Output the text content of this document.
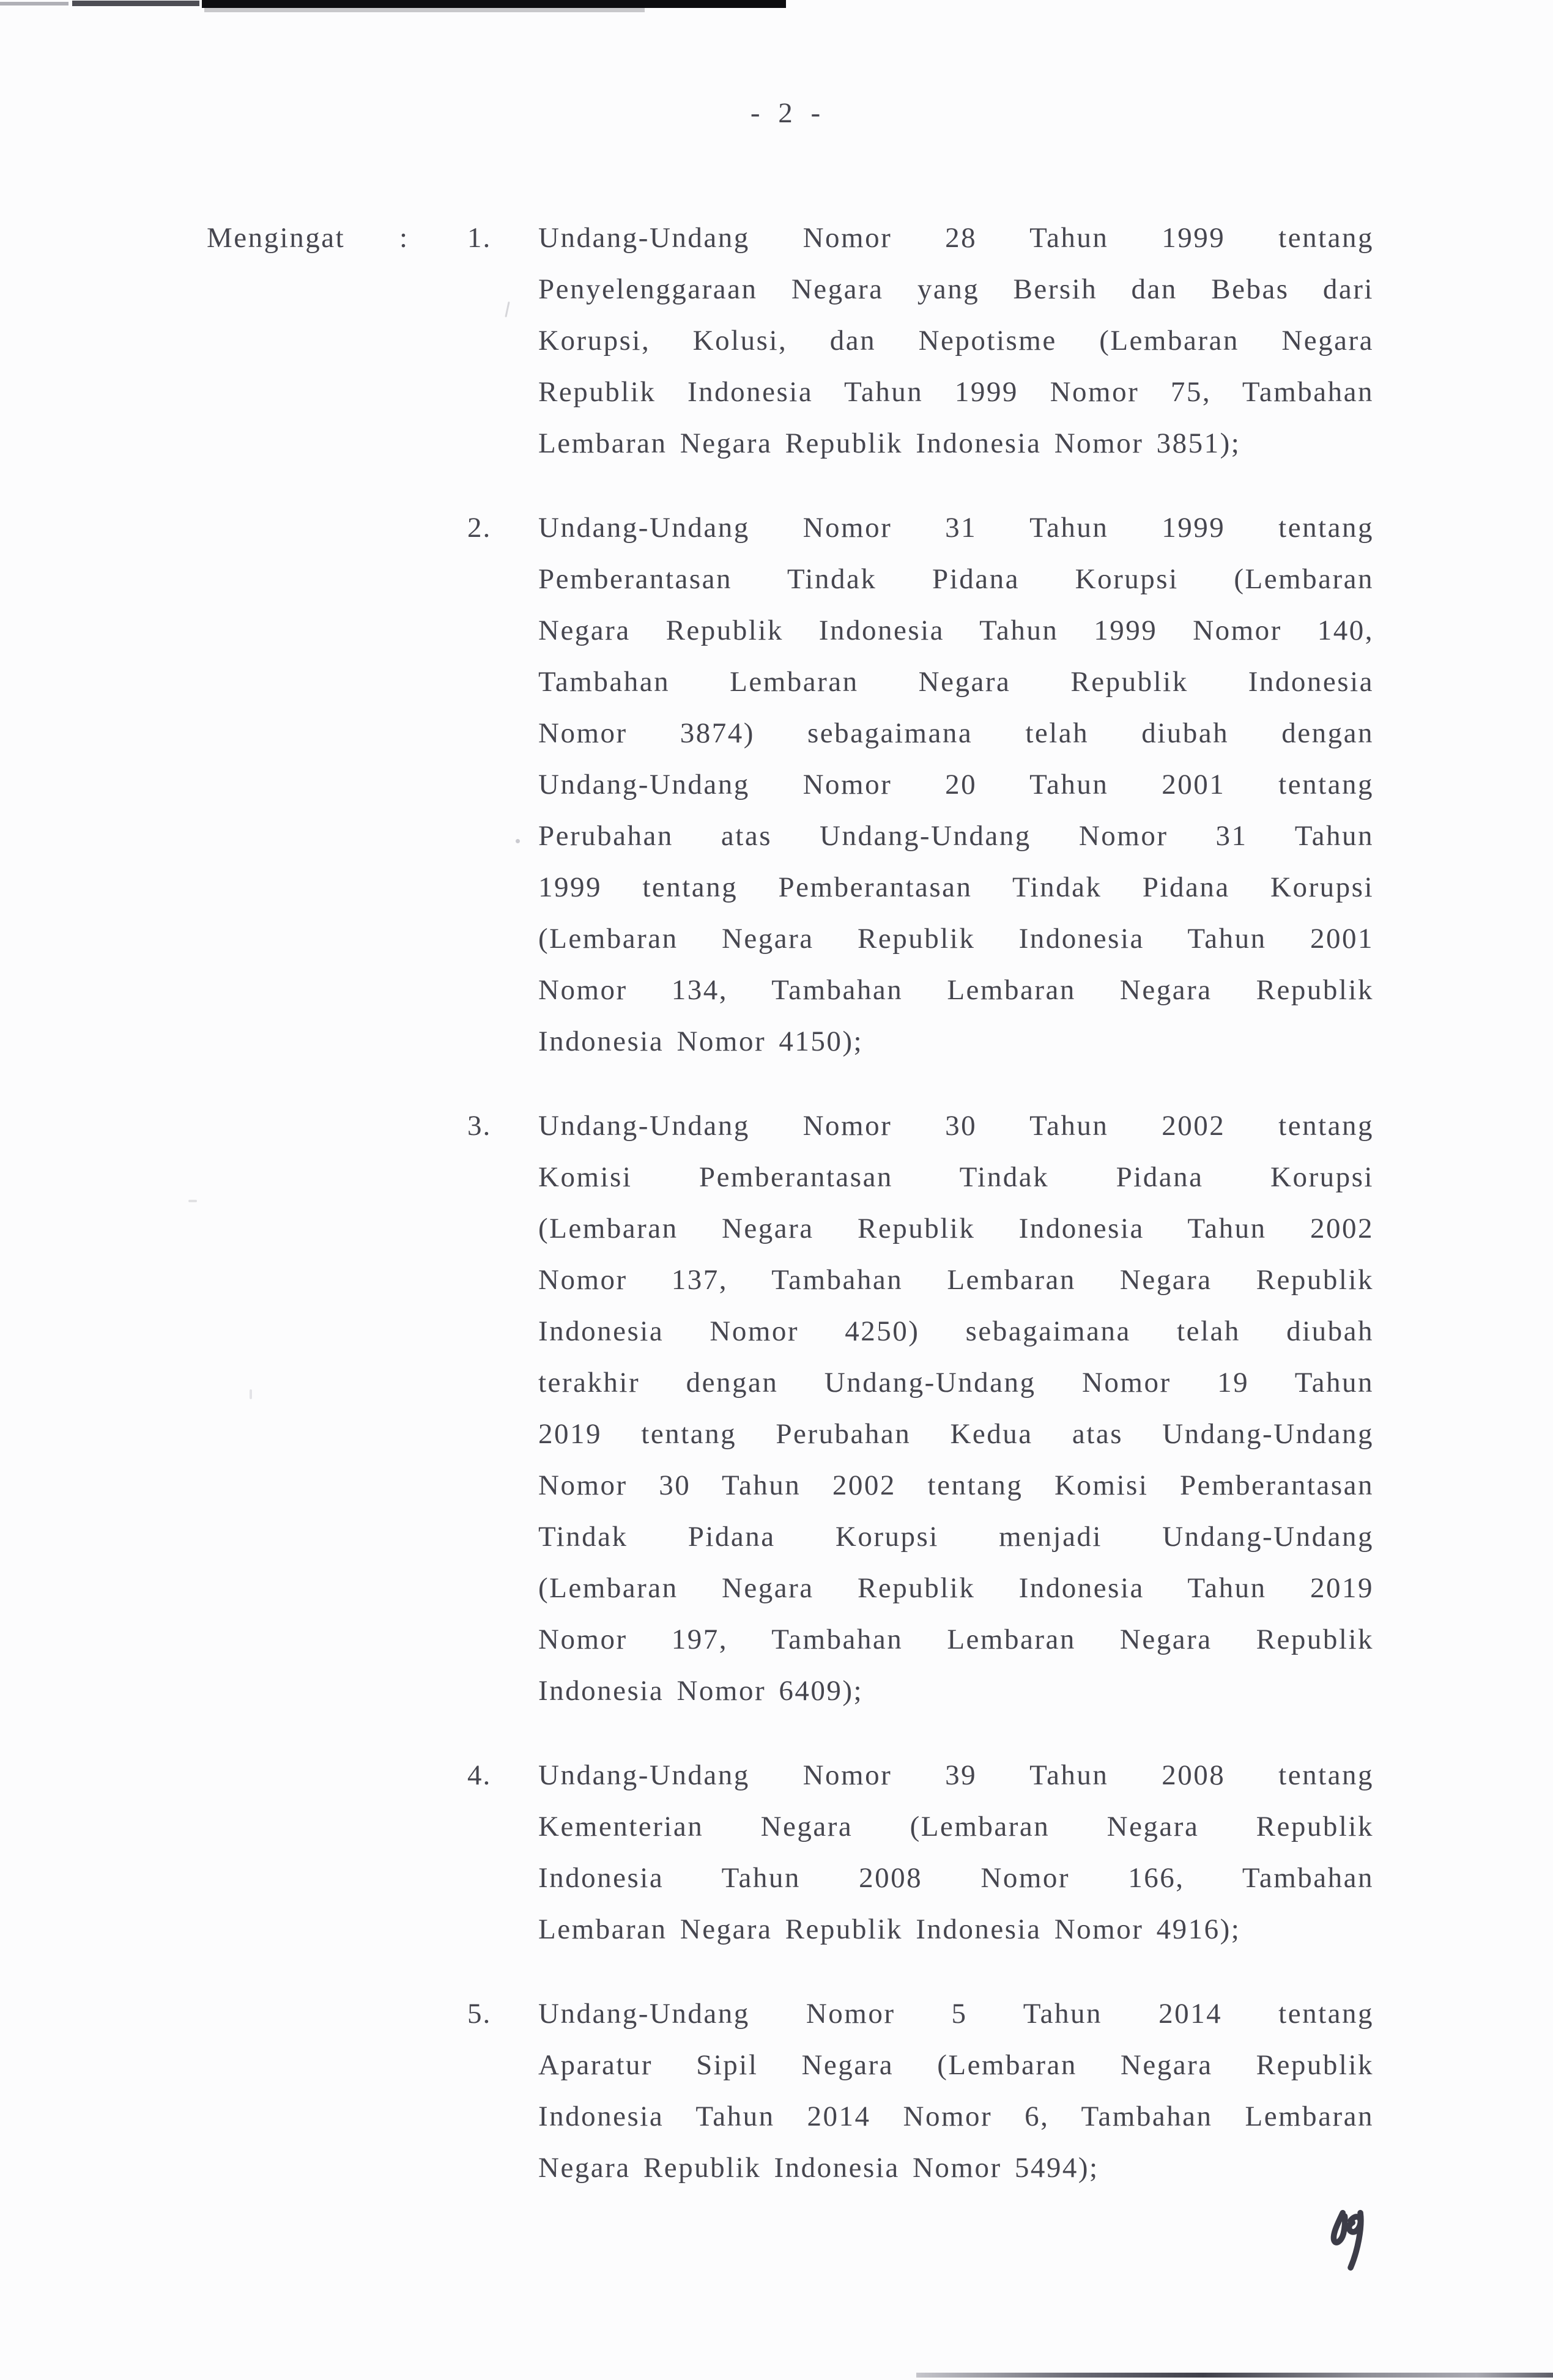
- 2 -
Mengingat : 1.	Undang-Undang Nomor 28 Tahun 1999 tentang
Penyelenggaraan Negara yang Bersih dan Bebas dari
Korupsi, Kolusi, dan Nepotisme (Lembaran Negara
Republik Indonesia Tahun 1999 Nomor 75, Tambahan
Lembaran Negara Republik Indonesia Nomor 3851);
2.	Undang-Undang Nomor 31 Tahun 1999 tentang
Pemberantasan Tindak Pidana Korupsi (Lembaran
Negara Republik Indonesia Tahun 1999 Nomor 140,
Tambahan Lembaran Negara Republik Indonesia
Nomor 3874) sebagaimana telah diubah dengan
Undang-Undang Nomor 20 Tahun 2001 tentang
Perubahan atas Undang-Undang Nomor 31 Tahun
1999 tentang Pemberantasan Tindak Pidana Korupsi
(Lembaran Negara Republik Indonesia Tahun 2001
Nomor 134, Tambahan Lembaran Negara Republik
Indonesia Nomor 4150);
3.	Undang-Undang Nomor 30 Tahun 2002 tentang
Komisi Pemberantasan Tindak Pidana Korupsi
(Lembaran Negara Republik Indonesia Tahun 2002
Nomor 137, Tambahan Lembaran Negara Republik
Indonesia Nomor 4250) sebagaimana telah diubah
terakhir dengan Undang-Undang Nomor 19 Tahun
2019 tentang Perubahan Kedua atas Undang-Undang
Nomor 30 Tahun 2002 tentang Komisi Pemberantasan
Tindak Pidana Korupsi menjadi Undang-Undang
(Lembaran Negara Republik Indonesia Tahun 2019
Nomor 197, Tambahan Lembaran Negara Republik
Indonesia Nomor 6409);
4.	Undang-Undang Nomor 39 Tahun 2008 tentang
Kementerian Negara (Lembaran Negara Republik
Indonesia Tahun 2008 Nomor 166, Tambahan
Lembaran Negara Republik Indonesia Nomor 4916);
5.	Undang-Undang Nomor 5 Tahun 2014 tentang
Aparatur Sipil Negara (Lembaran Negara Republik
Indonesia Tahun 2014 Nomor 6, Tambahan Lembaran
Negara Republik Indonesia Nomor 5494);
